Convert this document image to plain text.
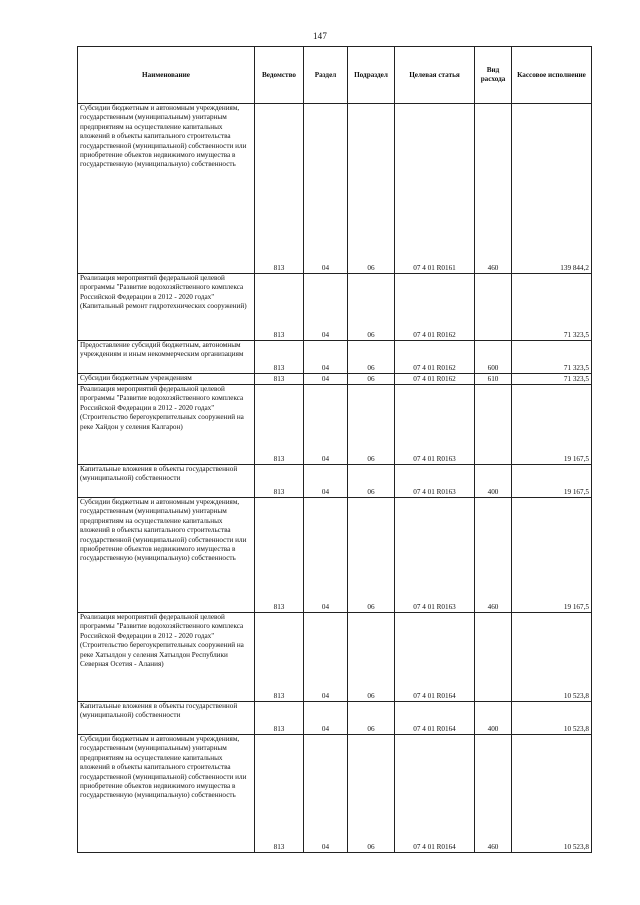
147
Наименование	Ведомство	Раздел	Подраздел	Целевая статья	Вид расхода	Кассовое исполнение
Субсидии бюджетным и автономным учреждениям, государственным (муниципальным) унитарным предприятиям на осуществление капитальных вложений в объекты капитального строительства государственной (муниципальной) собственности или приобретение объектов недвижимого имущества в государственную (муниципальную) собственность	813	04	06	07 4 01 R0161	460	139 844,2
Реализация мероприятий федеральной целевой программы "Развитие водохозяйственного комплекса Российской Федерации в 2012 - 2020 годах" (Капитальный ремонт гидротехнических сооружений)	813	04	06	07 4 01 R0162		71 323,5
Предоставление субсидий бюджетным, автономным учреждениям и иным некоммерческим организациям	813	04	06	07 4 01 R0162	600	71 323,5
Субсидии бюджетным учреждениям	813	04	06	07 4 01 R0162	610	71 323,5
Реализация мероприятий федеральной целевой программы "Развитие водохозяйственного комплекса Российской Федерации в 2012 - 2020 годах" (Строительство берегоукрепительных сооружений на реке Хайдон у селения Калгарон)	813	04	06	07 4 01 R0163		19 167,5
Капитальные вложения в объекты государственной (муниципальной) собственности	813	04	06	07 4 01 R0163	400	19 167,5
Субсидии бюджетным и автономным учреждениям, государственным (муниципальным) унитарным предприятиям на осуществление капитальных вложений в объекты капитального строительства государственной (муниципальной) собственности или приобретение объектов недвижимого имущества в государственную (муниципальную) собственность	813	04	06	07 4 01 R0163	460	19 167,5
Реализация мероприятий федеральной целевой программы "Развитие водохозяйственного комплекса Российской Федерации в 2012 - 2020 годах" (Строительство берегоукрепительных сооружений на реке Хатылдон у селения Хатылдон Республики Северная Осетия - Алания)	813	04	06	07 4 01 R0164		10 523,8
Капитальные вложения в объекты государственной (муниципальной) собственности	813	04	06	07 4 01 R0164	400	10 523,8
Субсидии бюджетным и автономным учреждениям, государственным (муниципальным) унитарным предприятиям на осуществление капитальных вложений в объекты капитального строительства государственной (муниципальной) собственности или приобретение объектов недвижимого имущества в государственную (муниципальную) собственность	813	04	06	07 4 01 R0164	460	10 523,8
